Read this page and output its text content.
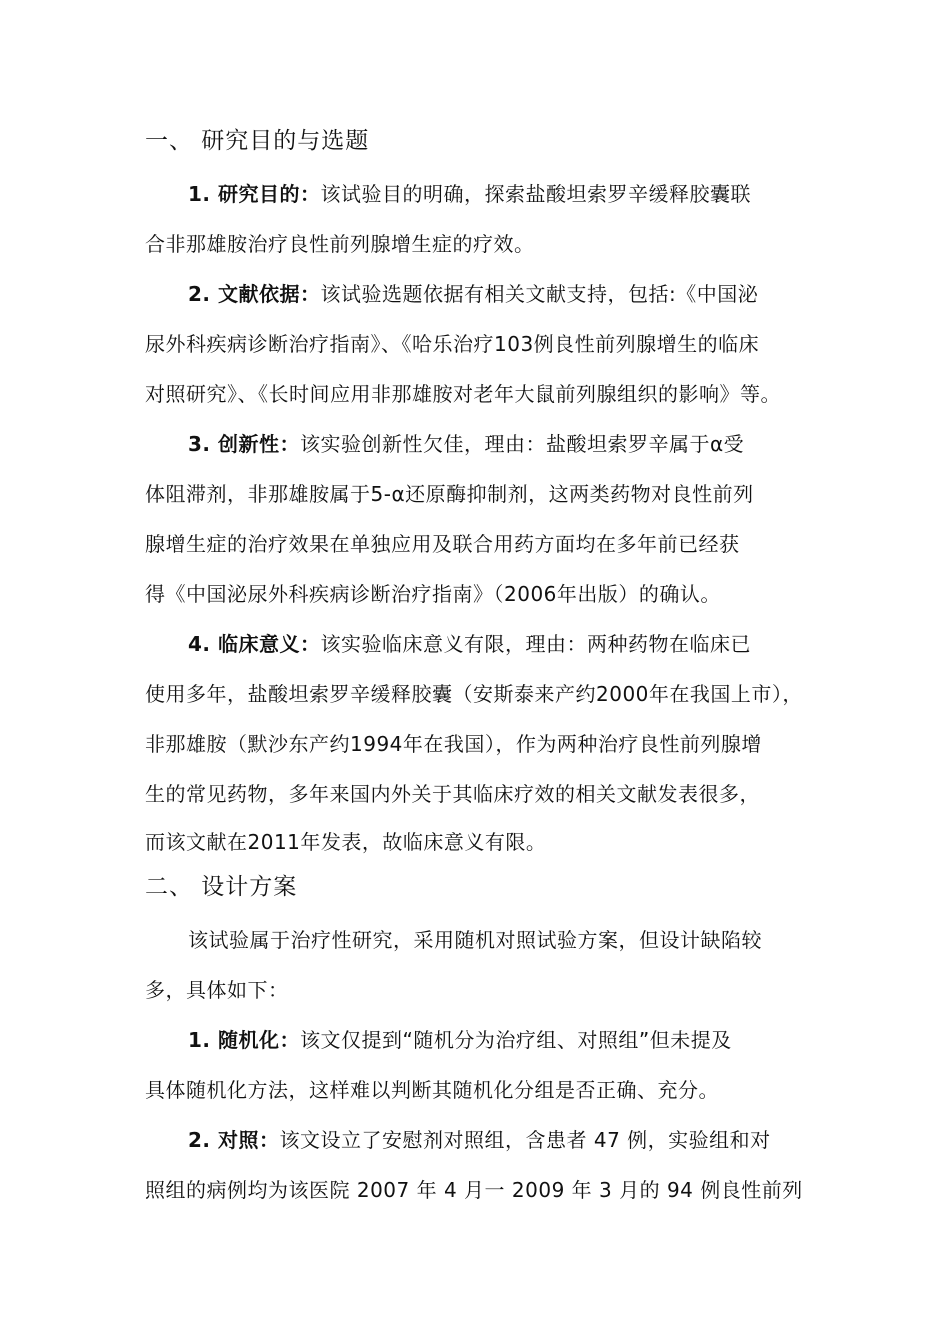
一、 研究目的与选题
1. 研究目的：该试验目的明确，探索盐酸坦索罗辛缓释胶囊联
合非那雄胺治疗良性前列腺增生症的疗效。
2. 文献依据：该试验选题依据有相关文献支持，包括:《中国泌
尿外科疾病诊断治疗指南》、《哈乐治疗103例良性前列腺增生的临床
对照研究》、《长时间应用非那雄胺对老年大鼠前列腺组织的影响》等。
3. 创新性：该实验创新性欠佳，理由：盐酸坦索罗辛属于α受
体阻滞剂，非那雄胺属于5-α还原酶抑制剂，这两类药物对良性前列
腺增生症的治疗效果在单独应用及联合用药方面均在多年前已经获
得《中国泌尿外科疾病诊断治疗指南》（2006年出版）的确认。
4. 临床意义：该实验临床意义有限，理由：两种药物在临床已
使用多年，盐酸坦索罗辛缓释胶囊（安斯泰来产约2000年在我国上市），
非那雄胺（默沙东产约1994年在我国），作为两种治疗良性前列腺增
生的常见药物，多年来国内外关于其临床疗效的相关文献发表很多，
而该文献在2011年发表，故临床意义有限。
二、 设计方案
该试验属于治疗性研究，采用随机对照试验方案，但设计缺陷较
多，具体如下：
1. 随机化：该文仅提到“随机分为治疗组、对照组”但未提及
具体随机化方法，这样难以判断其随机化分组是否正确、充分。
2. 对照：该文设立了安慰剂对照组，含患者 47 例，实验组和对
照组的病例均为该医院 2007 年 4 月一 2009 年 3 月的 94 例良性前列
